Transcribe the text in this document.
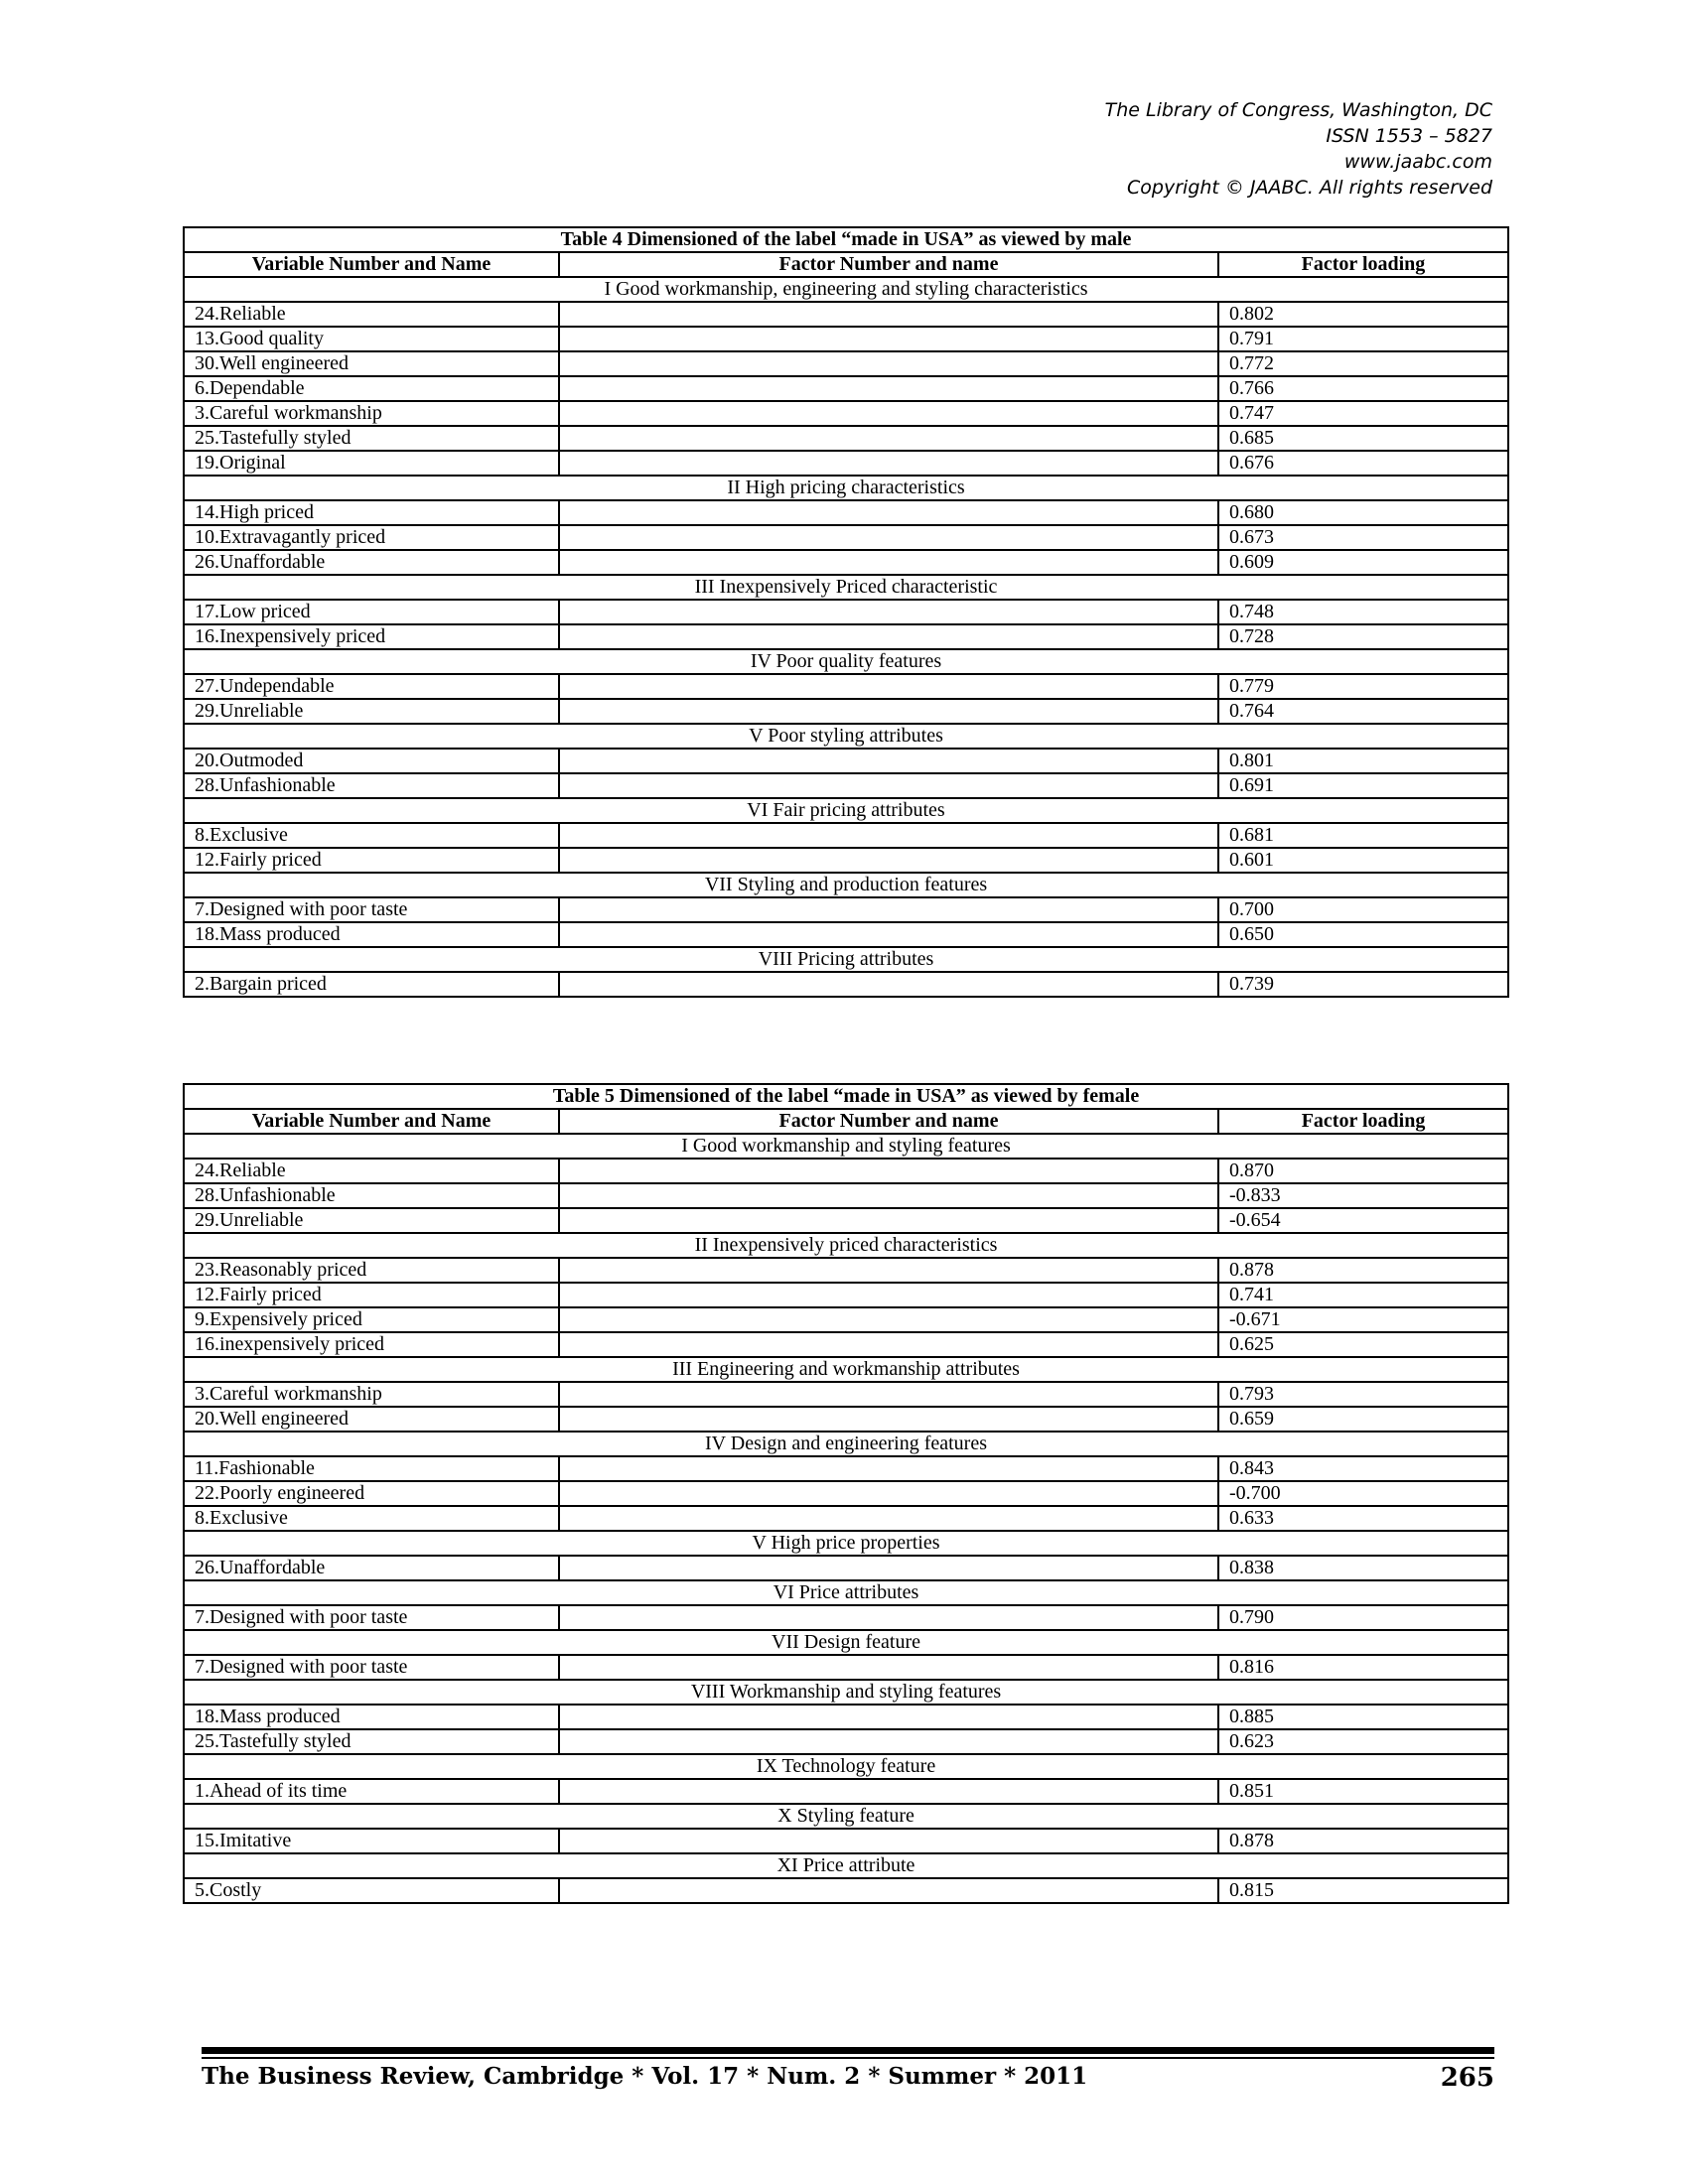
The Library of Congress, Washington, DC
ISSN 1553 – 5827
www.jaabc.com
Copyright © JAABC. All rights reserved
Table 4 Dimensioned of the label “made in USA” as viewed by male		
Variable Number and Name	Factor Number and name	Factor loading
I Good workmanship, engineering and styling characteristics		
24.Reliable		0.802
13.Good quality		0.791
30.Well engineered		0.772
6.Dependable		0.766
3.Careful workmanship		0.747
25.Tastefully styled		0.685
19.Original		0.676
II High pricing characteristics		
14.High priced		0.680
10.Extravagantly priced		0.673
26.Unaffordable		0.609
III Inexpensively Priced characteristic		
17.Low priced		0.748
16.Inexpensively priced		0.728
IV Poor quality features		
27.Undependable		0.779
29.Unreliable		0.764
V Poor styling attributes		
20.Outmoded		0.801
28.Unfashionable		0.691
VI Fair pricing attributes		
8.Exclusive		0.681
12.Fairly priced		0.601
VII Styling and production features		
7.Designed with poor taste		0.700
18.Mass produced		0.650
VIII Pricing attributes		
2.Bargain priced		0.739
Table 5 Dimensioned of the label “made in USA” as viewed by female		
Variable Number and Name	Factor Number and name	Factor loading
I Good workmanship and styling features		
24.Reliable		0.870
28.Unfashionable		-0.833
29.Unreliable		-0.654
II Inexpensively priced characteristics		
23.Reasonably priced		0.878
12.Fairly priced		0.741
9.Expensively priced		-0.671
16.inexpensively priced		0.625
III Engineering and workmanship attributes		
3.Careful workmanship		0.793
20.Well engineered		0.659
IV Design and engineering features		
11.Fashionable		0.843
22.Poorly engineered		-0.700
8.Exclusive		0.633
V High price properties		
26.Unaffordable		0.838
VI Price attributes		
7.Designed with poor taste		0.790
VII Design feature		
7.Designed with poor taste		0.816
VIII Workmanship and styling features		
18.Mass produced		0.885
25.Tastefully styled		0.623
IX Technology feature		
1.Ahead of its time		0.851
X Styling feature		
15.Imitative		0.878
XI Price attribute		
5.Costly		0.815
The Business Review, Cambridge * Vol. 17 * Num. 2 * Summer * 2011	265
